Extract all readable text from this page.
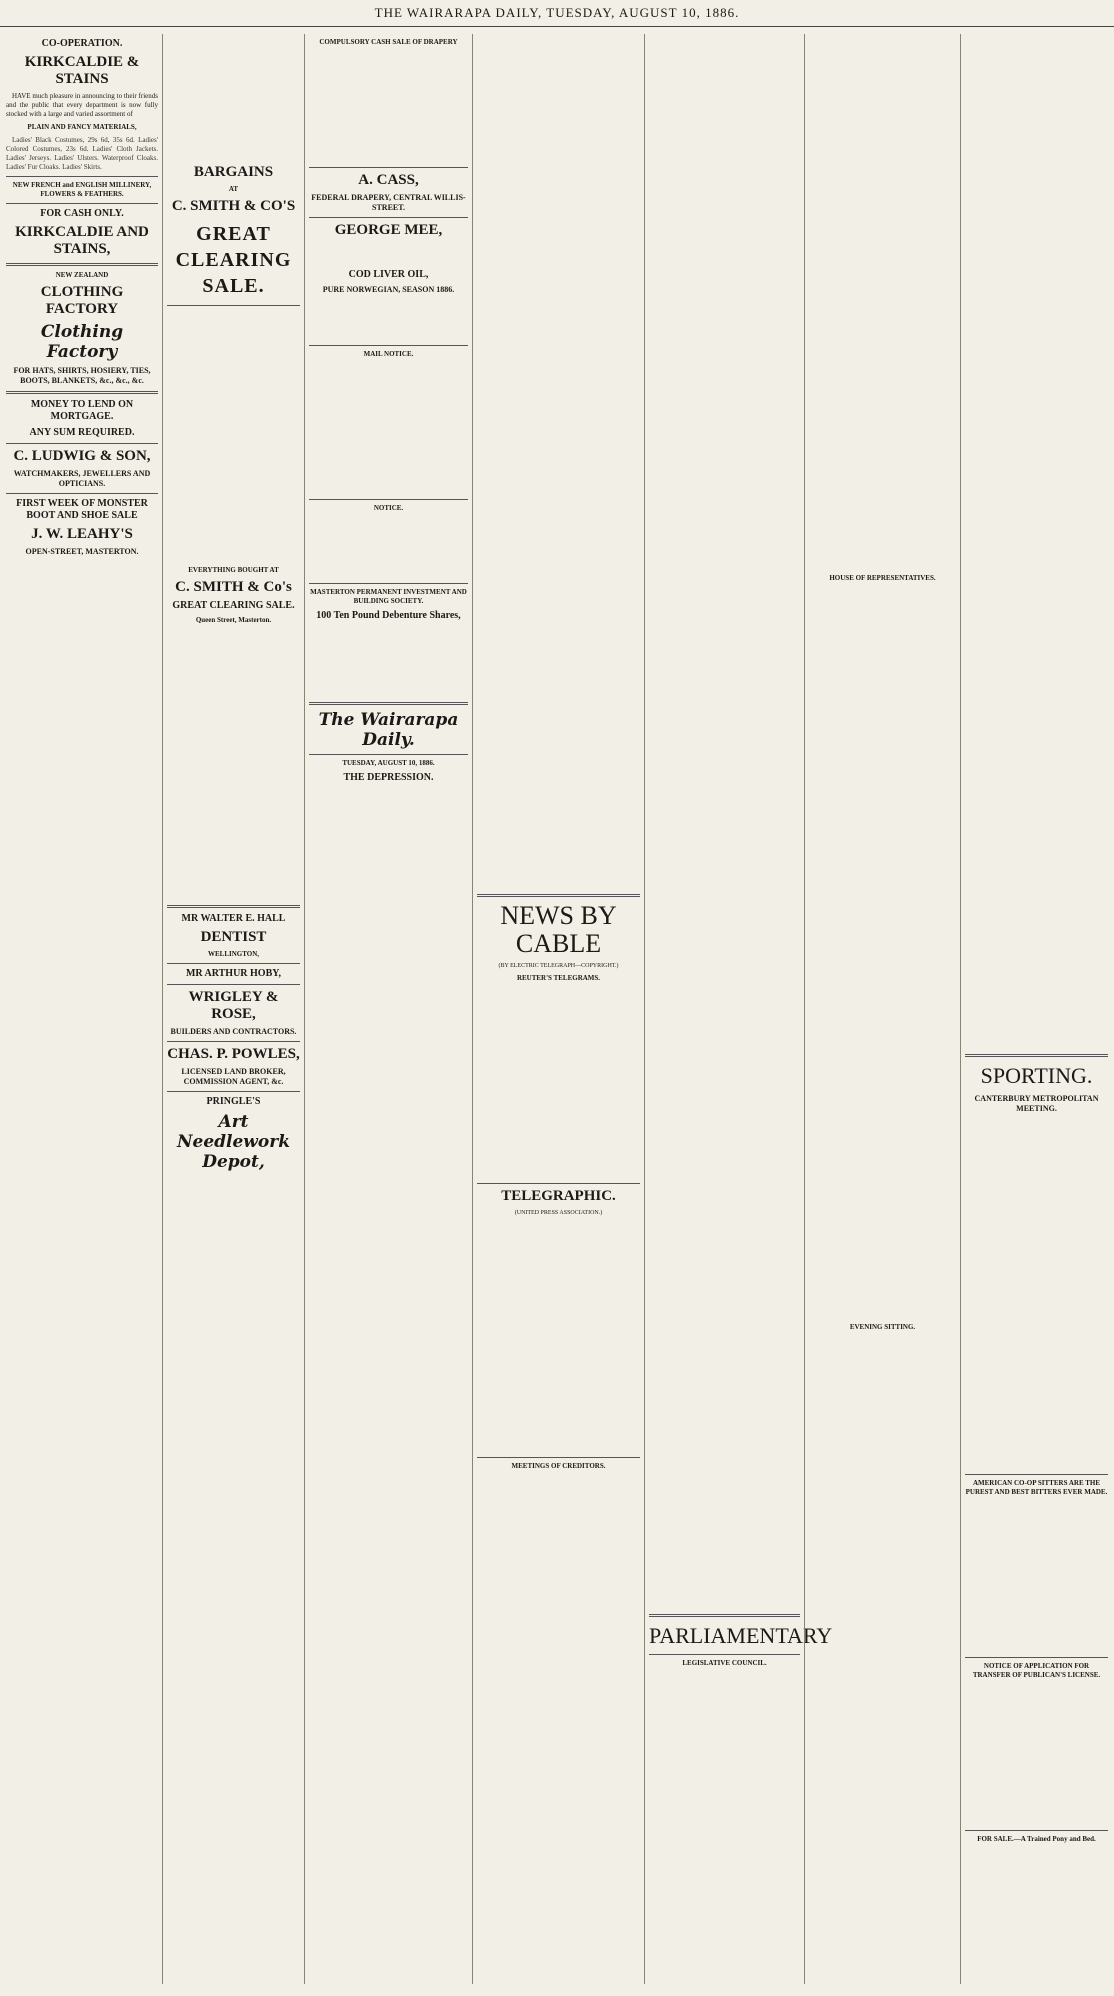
THE WAIRARAPA DAILY, TUESDAY, AUGUST 10, 1886.
CO-OPERATION.
KIRKCALDIE & STAINS

HAVE much pleasure in announcing to their friends and the public that every department is now fully stocked with a large and varied assortment of

PLAIN AND FANCY MATERIALS,

Ladies' Black Costumes, 29s 6d, 35s 6d. Ladies' Colored Costumes, 23s 6d. Ladies' Cloth Jackets. Ladies' Jerseys. Ladies' Ulsters. Waterproof Cloaks. Ladies' Fur Cloaks. Ladies' Skirts.

NEW FRENCH and ENGLISH MILLINERY, FLOWERS & FEATHERS.
FOR CASH ONLY.
KIRKCALDIE AND STAINS,
NEW ZEALAND
CLOTHING FACTORY
Clothing Factory
FOR HATS, SHIRTS, HOSIERY, TIES, BOOTS, BLANKETS, &c., &c., &c.
MONEY TO LEND ON MORTGAGE.
ANY SUM REQUIRED.
C. LUDWIG & SON,
WATCHMAKERS, JEWELLERS AND OPTICIANS.
FIRST WEEK OF MONSTER BOOT AND SHOE SALE
J. W. LEAHY'S
OPEN-STREET, MASTERTON.
BARGAINS
AT
C. SMITH & CO'S
GREAT CLEARING SALE.
EVERYTHING BOUGHT AT
C. SMITH & Co's
GREAT CLEARING SALE.
Queen Street, Masterton.
MR WALTER E. HALL
DENTIST
WELLINGTON,
MR ARTHUR HOBY,
WRIGLEY & ROSE,
BUILDERS AND CONTRACTORS.
CHAS. P. POWLES,
LICENSED LAND BROKER, COMMISSION AGENT, &c.
PRINGLE'S
Art Needlework Depot,
COMPULSORY CASH SALE OF DRAPERY
A. CASS,
FEDERAL DRAPERY, CENTRAL WILLIS-STREET.
GEORGE MEE,
COD LIVER OIL,
PURE NORWEGIAN, SEASON 1886.
MAIL NOTICE.
NOTICE.
MASTERTON PERMANENT INVESTMENT AND BUILDING SOCIETY.
100 Ten Pound Debenture Shares,
The Wairarapa Daily.
TUESDAY, AUGUST 10, 1886.
THE DEPRESSION.
NEWS BY CABLE
(BY ELECTRIC TELEGRAPH—COPYRIGHT.)
REUTER'S TELEGRAMS.
TELEGRAPHIC.
(UNITED PRESS ASSOCIATION.)
MEETINGS OF CREDITORS.
PARLIAMENTARY
LEGISLATIVE COUNCIL.
HOUSE OF REPRESENTATIVES.
EVENING SITTING.
SPORTING.
CANTERBURY METROPOLITAN MEETING.
AMERICAN CO-OP SITTERS ARE THE PUREST AND BEST BITTERS EVER MADE.
NOTICE OF APPLICATION FOR TRANSFER OF PUBLICAN'S LICENSE.
FOR SALE.—A Trained Pony and Bed.
